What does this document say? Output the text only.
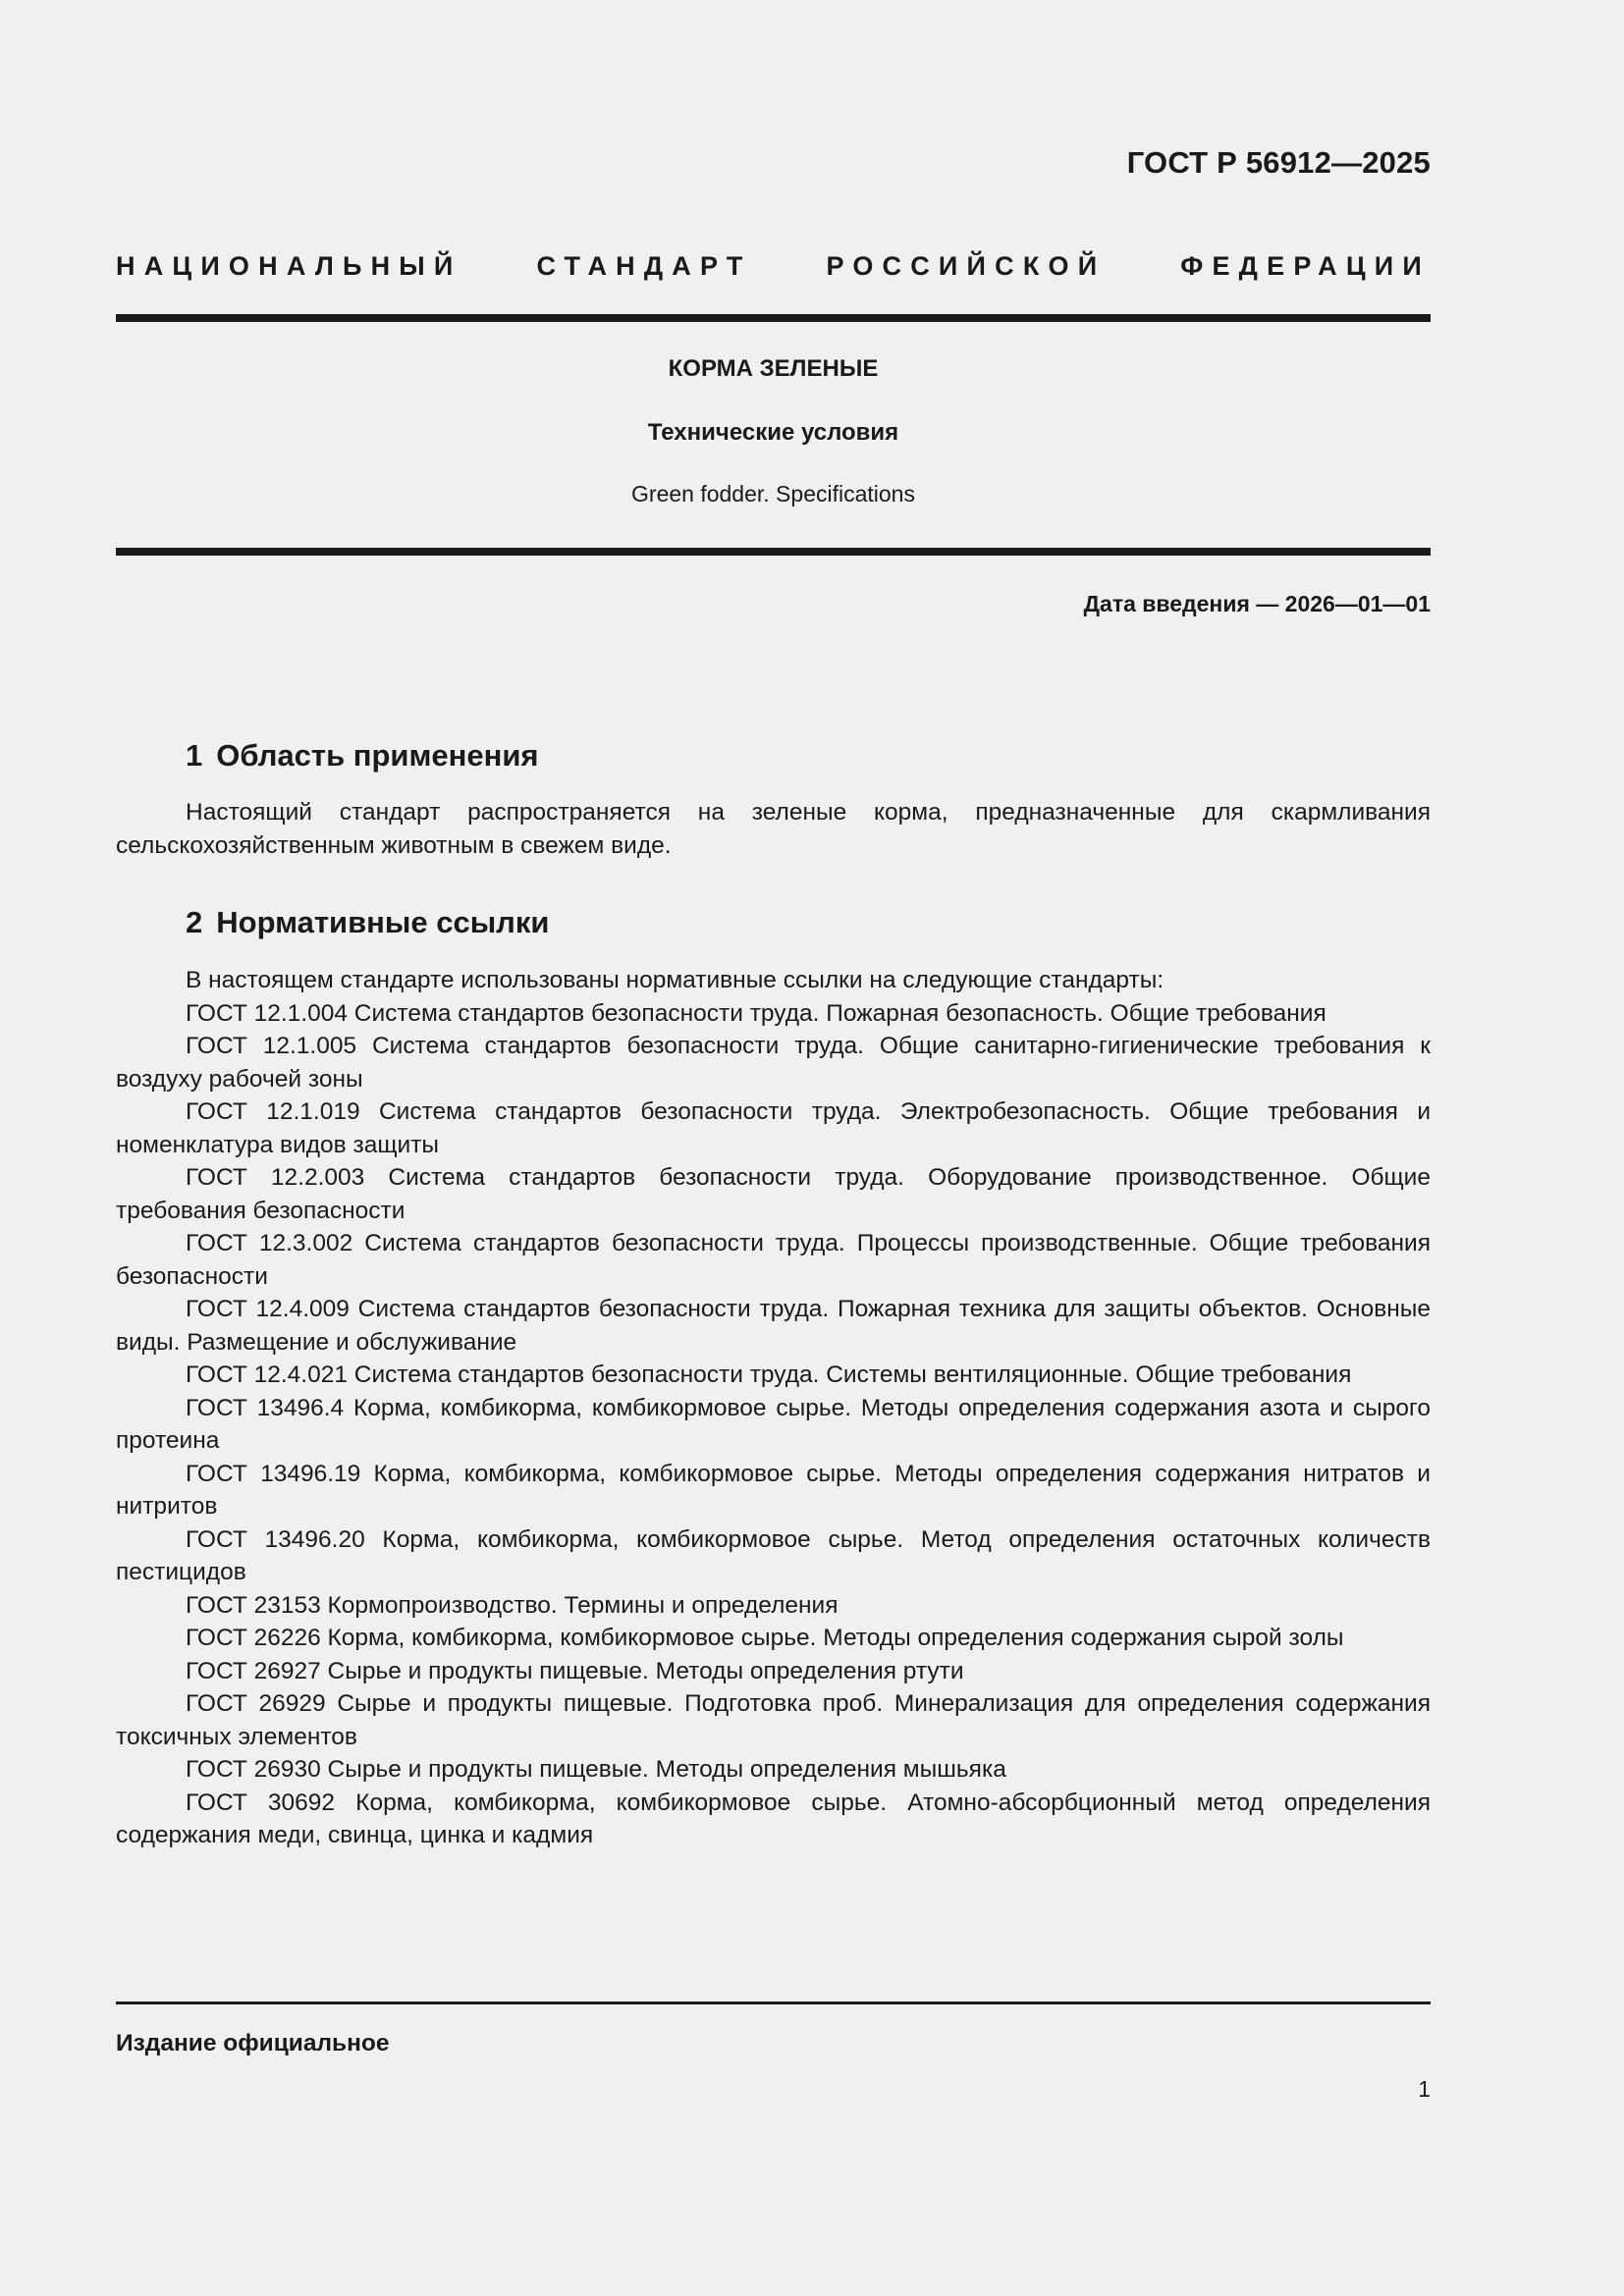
ГОСТ Р 56912—2025
НАЦИОНАЛЬНЫЙ СТАНДАРТ РОССИЙСКОЙ ФЕДЕРАЦИИ
КОРМА ЗЕЛЕНЫЕ
Технические условия
Green fodder. Specifications
Дата введения — 2026—01—01
1 Область применения
Настоящий стандарт распространяется на зеленые корма, предназначенные для скармливания сельскохозяйственным животным в свежем виде.
2 Нормативные ссылки
В настоящем стандарте использованы нормативные ссылки на следующие стандарты:
ГОСТ 12.1.004 Система стандартов безопасности труда. Пожарная безопасность. Общие требования
ГОСТ 12.1.005 Система стандартов безопасности труда. Общие санитарно-гигиенические требования к воздуху рабочей зоны
ГОСТ 12.1.019 Система стандартов безопасности труда. Электробезопасность. Общие требования и номенклатура видов защиты
ГОСТ 12.2.003 Система стандартов безопасности труда. Оборудование производственное. Общие требования безопасности
ГОСТ 12.3.002 Система стандартов безопасности труда. Процессы производственные. Общие требования безопасности
ГОСТ 12.4.009 Система стандартов безопасности труда. Пожарная техника для защиты объектов. Основные виды. Размещение и обслуживание
ГОСТ 12.4.021 Система стандартов безопасности труда. Системы вентиляционные. Общие требования
ГОСТ 13496.4 Корма, комбикорма, комбикормовое сырье. Методы определения содержания азота и сырого протеина
ГОСТ 13496.19 Корма, комбикорма, комбикормовое сырье. Методы определения содержания нитратов и нитритов
ГОСТ 13496.20 Корма, комбикорма, комбикормовое сырье. Метод определения остаточных количеств пестицидов
ГОСТ 23153 Кормопроизводство. Термины и определения
ГОСТ 26226 Корма, комбикорма, комбикормовое сырье. Методы определения содержания сырой золы
ГОСТ 26927 Сырье и продукты пищевые. Методы определения ртути
ГОСТ 26929 Сырье и продукты пищевые. Подготовка проб. Минерализация для определения содержания токсичных элементов
ГОСТ 26930 Сырье и продукты пищевые. Методы определения мышьяка
ГОСТ 30692 Корма, комбикорма, комбикормовое сырье. Атомно-абсорбционный метод определения содержания меди, свинца, цинка и кадмия
Издание официальное
1
